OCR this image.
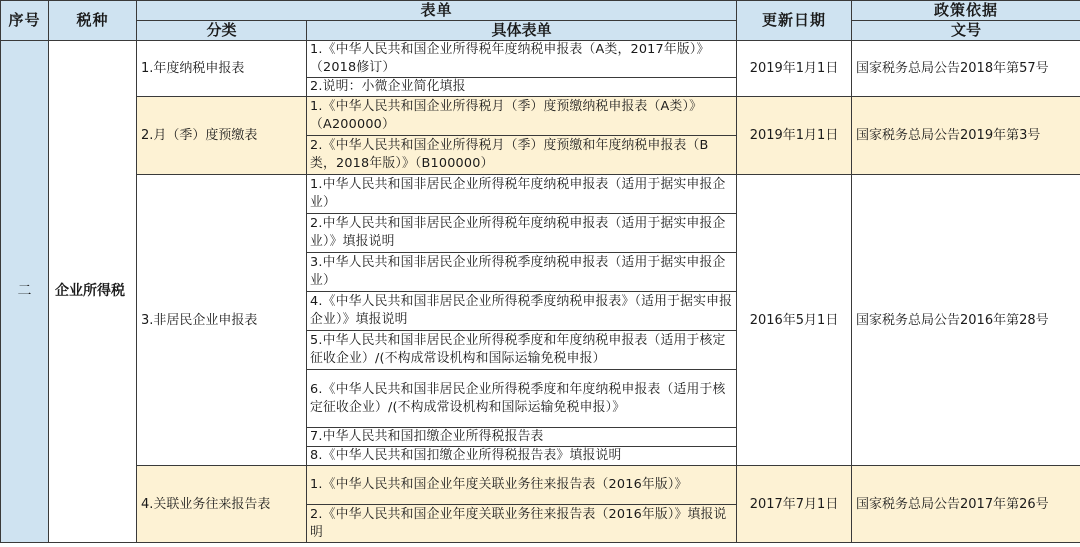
序号	税种	表单		更新日期	政策依据
		分类	具体表单		文号
二	企业所得税	1.年度纳税申报表	1.《中华人民共和国企业所得税年度纳税申报表（A类，2017年版）》（2018修订）	2019年1月1日	国家税务总局公告2018年第57号
			2.说明：小微企业简化填报		
		2.月（季）度预缴表	1.《中华人民共和国企业所得税月（季）度预缴纳税申报表（A类）》（A200000）	2019年1月1日	国家税务总局公告2019年第3号
			2.《中华人民共和国企业所得税月（季）度预缴和年度纳税申报表（B类，2018年版）》（B100000）		
		3.非居民企业申报表	1.中华人民共和国非居民企业所得税年度纳税申报表（适用于据实申报企业）	2016年5月1日	国家税务总局公告2016年第28号
			2.中华人民共和国非居民企业所得税年度纳税申报表（适用于据实申报企业）》填报说明		
			3.中华人民共和国非居民企业所得税季度纳税申报表（适用于据实申报企业）		
			4.《中华人民共和国非居民企业所得税季度纳税申报表》（适用于据实申报企业）》填报说明		
			5.中华人民共和国非居民企业所得税季度和年度纳税申报表（适用于核定征收企业）/(不构成常设机构和国际运输免税申报）		
			6.《中华人民共和国非居民企业所得税季度和年度纳税申报表（适用于核定征收企业）/(不构成常设机构和国际运输免税申报）》		
			7.中华人民共和国扣缴企业所得税报告表		
			8.《中华人民共和国扣缴企业所得税报告表》填报说明		
		4.关联业务往来报告表	1.《中华人民共和国企业年度关联业务往来报告表（2016年版）》	2017年7月1日	国家税务总局公告2017年第26号
			2.《中华人民共和国企业年度关联业务往来报告表（2016年版）》填报说明		
